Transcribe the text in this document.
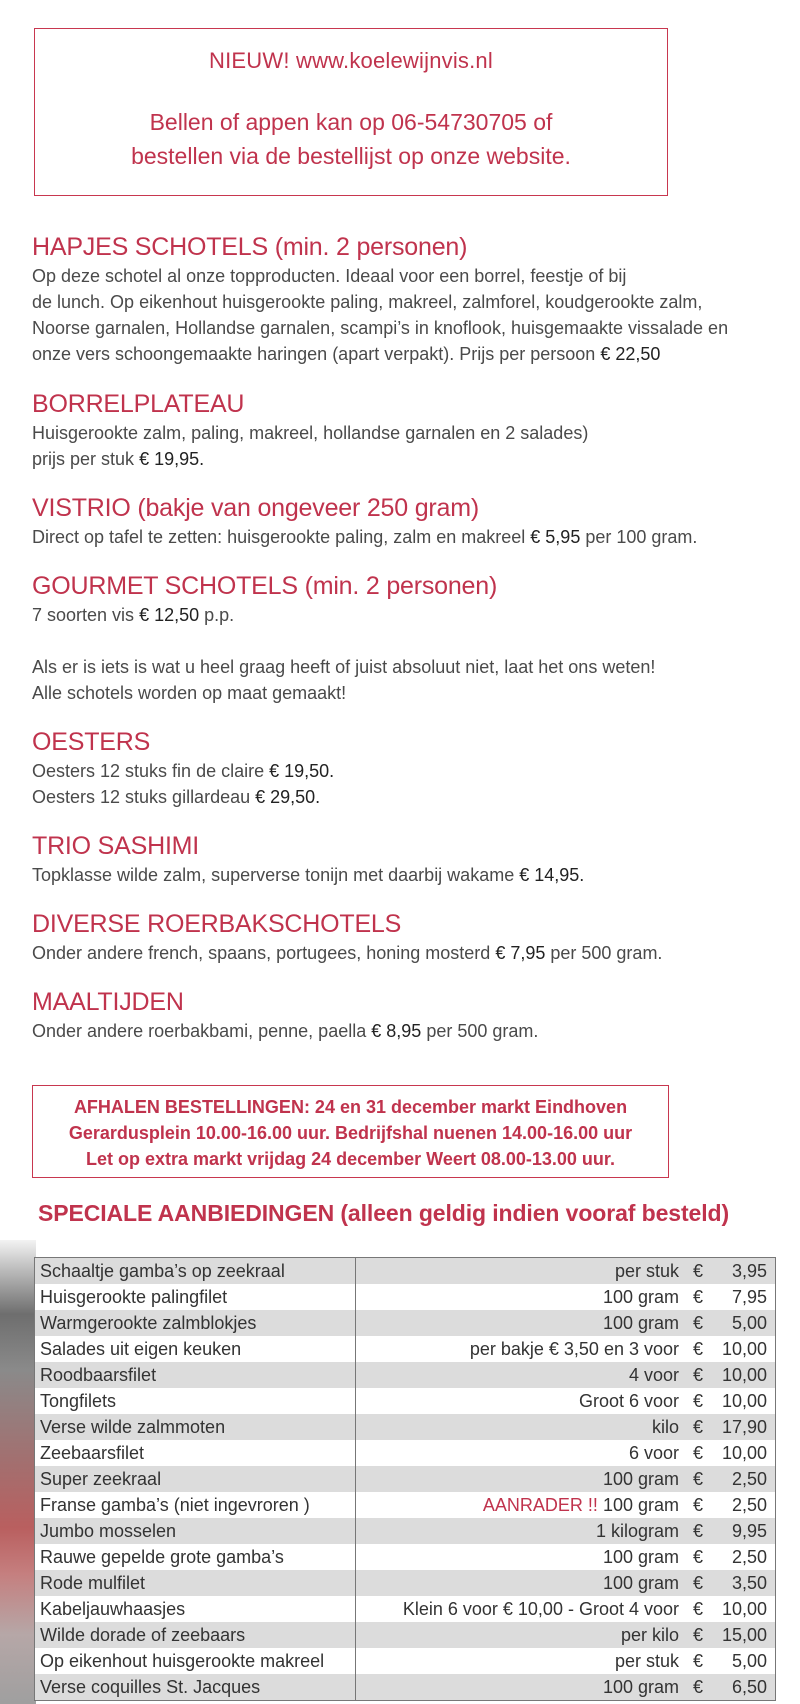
NIEUW! www.koelewijnvis.nl
Bellen of appen kan op 06-54730705 of
bestellen via de bestellijst op onze website.
HAPJES SCHOTELS (min. 2 personen)

Op deze schotel al onze topproducten. Ideaal voor een borrel, feestje of bij
de lunch. Op eikenhout huisgerookte paling, makreel, zalmforel, koudgerookte zalm,
Noorse garnalen, Hollandse garnalen, scampi’s in knoflook, huisgemaakte vissalade en
onze vers schoongemaakte haringen (apart verpakt). Prijs per persoon € 22,50

BORRELPLATEAU

Huisgerookte zalm, paling, makreel, hollandse garnalen en 2 salades)
prijs per stuk € 19,95.

VISTRIO (bakje van ongeveer 250 gram)

Direct op tafel te zetten: huisgerookte paling, zalm en makreel € 5,95 per 100 gram.

GOURMET SCHOTELS (min. 2 personen)

7 soorten vis € 12,50 p.p.

Als er is iets is wat u heel graag heeft of juist absoluut niet, laat het ons weten!
Alle schotels worden op maat gemaakt!

OESTERS

Oesters 12 stuks fin de claire € 19,50.
Oesters 12 stuks gillardeau € 29,50.

TRIO SASHIMI

Topklasse wilde zalm, superverse tonijn met daarbij wakame € 14,95.

DIVERSE ROERBAKSCHOTELS

Onder andere french, spaans, portugees, honing mosterd € 7,95 per 500 gram.

MAALTIJDEN

Onder andere roerbakbami, penne, paella € 8,95 per 500 gram.

AFHALEN BESTELLINGEN: 24 en 31 december markt Eindhoven
Gerardusplein 10.00-16.00 uur. Bedrijfshal nuenen 14.00-16.00 uur
Let op extra markt vrijdag 24 december Weert 08.00-13.00 uur.
SPECIALE AANBIEDINGEN (alleen geldig indien vooraf besteld)
Schaaltje gamba’s op zeekraal	per stuk	€ 3,95
Huisgerookte palingfilet	100 gram	€ 7,95
Warmgerookte zalmblokjes	100 gram	€ 5,00
Salades uit eigen keuken	per bakje € 3,50 en 3 voor	€ 10,00
Roodbaarsfilet	4 voor	€ 10,00
Tongfilets	Groot 6 voor	€ 10,00
Verse wilde zalmmoten	kilo	€ 17,90
Zeebaarsfilet	6 voor	€ 10,00
Super zeekraal	100 gram	€ 2,50
Franse gamba’s (niet ingevroren )	AANRADER !! 100 gram	€ 2,50
Jumbo mosselen	1 kilogram	€ 9,95
Rauwe gepelde grote gamba’s	100 gram	€ 2,50
Rode mulfilet	100 gram	€ 3,50
Kabeljauwhaasjes	Klein 6 voor € 10,00 - Groot 4 voor	€ 10,00
Wilde dorade of zeebaars	per kilo	€ 15,00
Op eikenhout huisgerookte makreel	per stuk	€ 5,00
Verse coquilles St. Jacques	100 gram	€ 6,50
